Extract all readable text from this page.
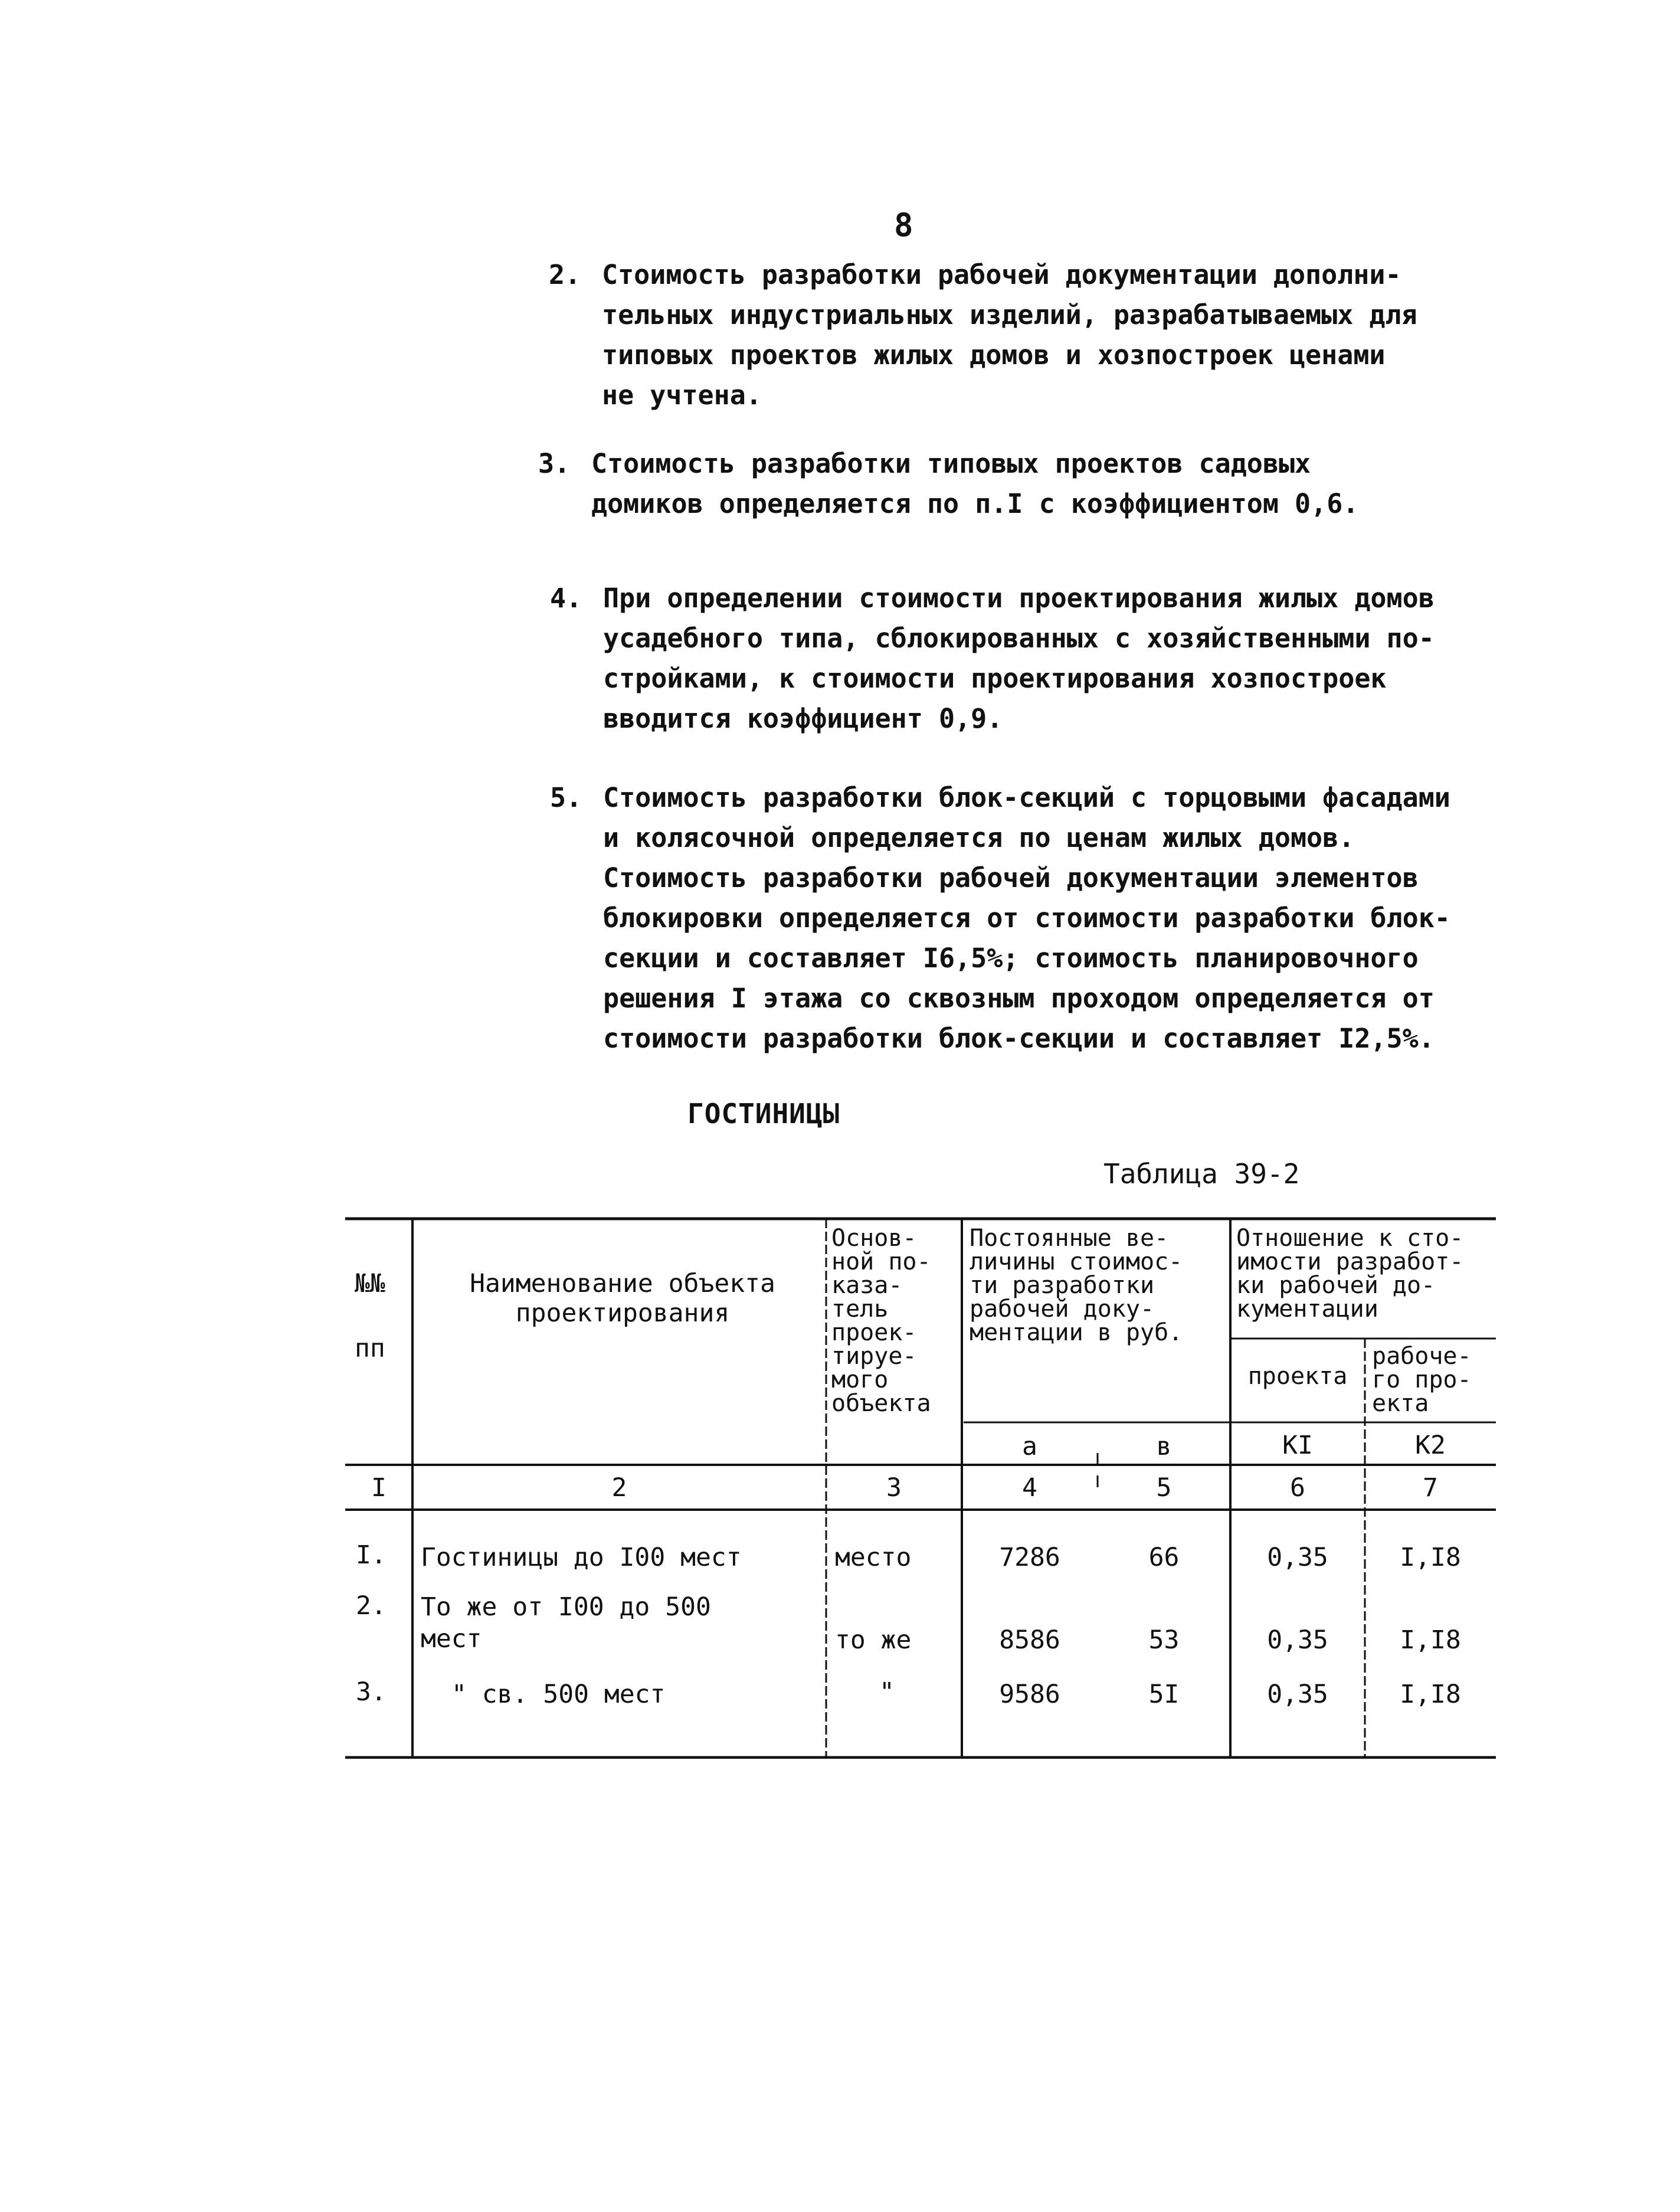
8
2. Стоимость разработки рабочей документации дополни-
тельных индустриальных изделий, разрабатываемых для
типовых проектов жилых домов и хозпостроек ценами
не учтена.
3. Стоимость разработки типовых проектов садовых
домиков определяется по п.I с коэффициентом 0,6.
4. При определении стоимости проектирования жилых домов
усадебного типа, сблокированных с хозяйственными по-
стройками, к стоимости проектирования хозпостроек
вводится коэффициент 0,9.
5. Стоимость разработки блок-секций с торцовыми фасадами
и колясочной определяется по ценам жилых домов.
Стоимость разработки рабочей документации элементов
блокировки определяется от стоимости разработки блок-
секции и составляет I6,5%; стоимость планировочного
решения I этажа со сквозным проходом определяется от
стоимости разработки блок-секции и составляет I2,5%.
ГОСТИНИЦЫ
Таблица 39-2
№№
пп
Наименование объекта
проектирования
Основ-
ной по-
каза-
тель
проек-
тируе-
мого
объекта
Постоянные ве-
личины стоимос-
ти разработки
рабочей доку-
ментации в руб.
а	в
Отношение к сто-
имости разработ-
ки рабочей до-
кументации
проекта
рабоче-
го про-
екта
КI	К2
I	2	3	4	5	6	7
I. Гостиницы до I00 мест	место	7286	66	0,35	I,I8
2. То же от I00 до 500
мест	то же	8586	53	0,35	I,I8
3.	" св. 500 мест	"	9586	5I	0,35	I,I8
